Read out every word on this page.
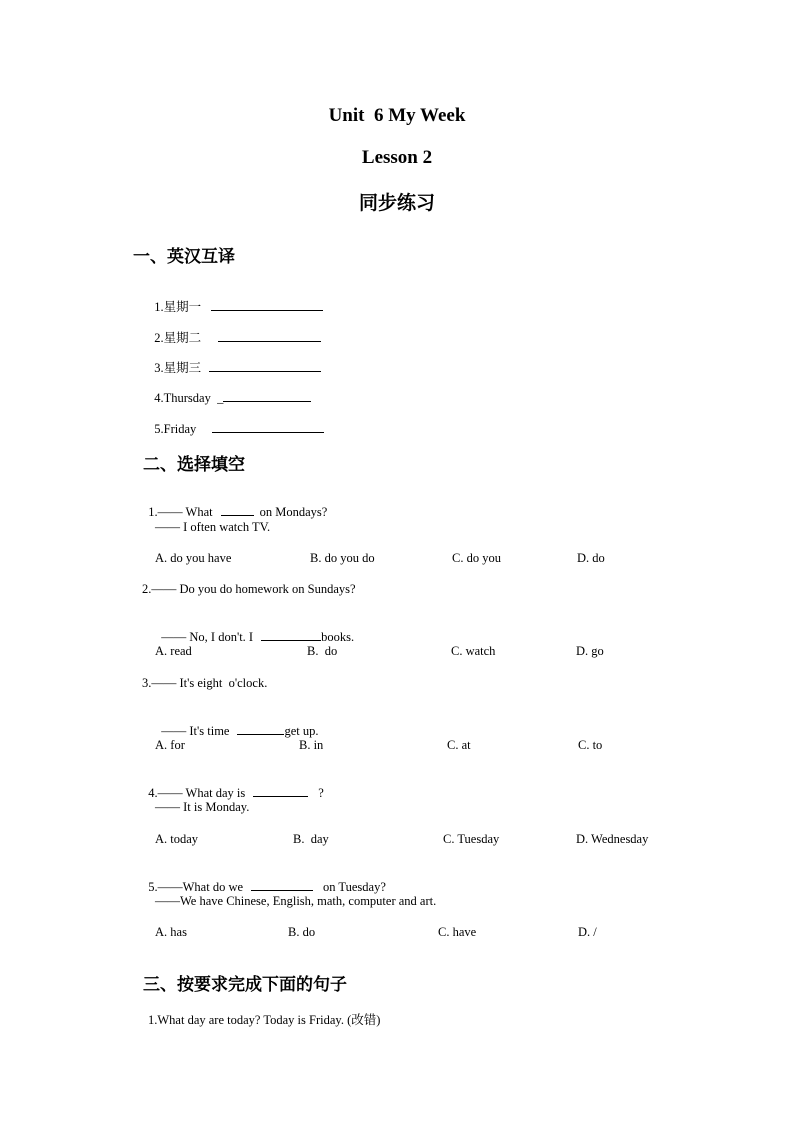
Unit  6 My Week
Lesson 2
同步练习
一、英汉互译

1.星期一

2.星期二

3.星期三

4.Thursday  _

5.Friday

二、选择填空

1.—— What	on Mondays?

—— I often watch TV.
A. do you have	B. do you do	C. do you	D. do
2.—— Do you do homework on Sundays?

—— No, I don't. I	books.

A. read	B.  do	C. watch	D. go
3.—— It's eight  o'clock.

—— It's time	get up.

A. for	B. in	C. at	C. to

4.—— What day is	?

—— It is Monday.
A. today	B.  day	C. Tuesday	D. Wednesday

5.——What do we	on Tuesday?

——We have Chinese, English, math, computer and art.
A. has	B. do	C. have	D. /
三、按要求完成下面的句子
1.What day are today? Today is Friday. (改错)
